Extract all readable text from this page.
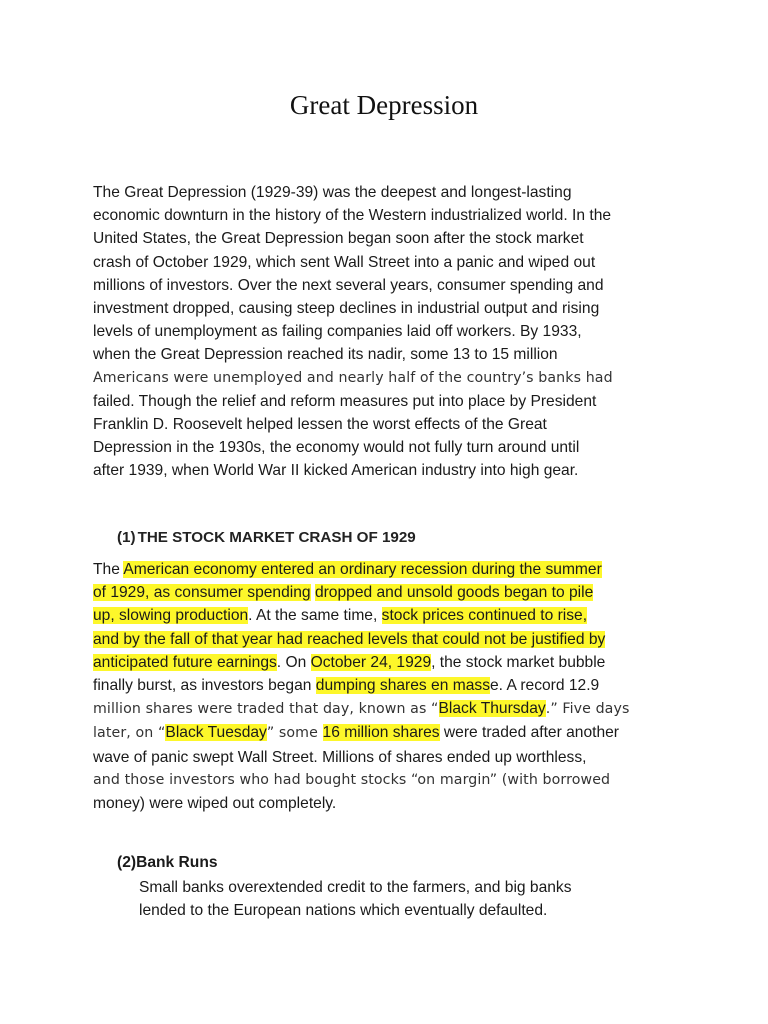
Great Depression
The Great Depression (1929-39) was the deepest and longest-lasting
economic downturn in the history of the Western industrialized world. In the
United States, the Great Depression began soon after the stock market
crash of October 1929, which sent Wall Street into a panic and wiped out
millions of investors. Over the next several years, consumer spending and
investment dropped, causing steep declines in industrial output and rising
levels of unemployment as failing companies laid off workers. By 1933,
when the Great Depression reached its nadir, some 13 to 15 million
Americans were unemployed and nearly half of the country’s banks had
failed. Though the relief and reform measures put into place by President
Franklin D. Roosevelt helped lessen the worst effects of the Great
Depression in the 1930s, the economy would not fully turn around until
after 1939, when World War II kicked American industry into high gear.
(1) THE STOCK MARKET CRASH OF 1929
The American economy entered an ordinary recession during the summer
of 1929, as consumer spending dropped and unsold goods began to pile
up, slowing production. At the same time, stock prices continued to rise,
and by the fall of that year had reached levels that could not be justified by
anticipated future earnings. On October 24, 1929, the stock market bubble
finally burst, as investors began dumping shares en masse. A record 12.9
million shares were traded that day, known as “Black Thursday.” Five days
later, on “Black Tuesday” some 16 million shares were traded after another
wave of panic swept Wall Street. Millions of shares ended up worthless,
and those investors who had bought stocks “on margin” (with borrowed
money) were wiped out completely.
(2)Bank Runs
Small banks overextended credit to the farmers, and big banks
lended to the European nations which eventually defaulted.
